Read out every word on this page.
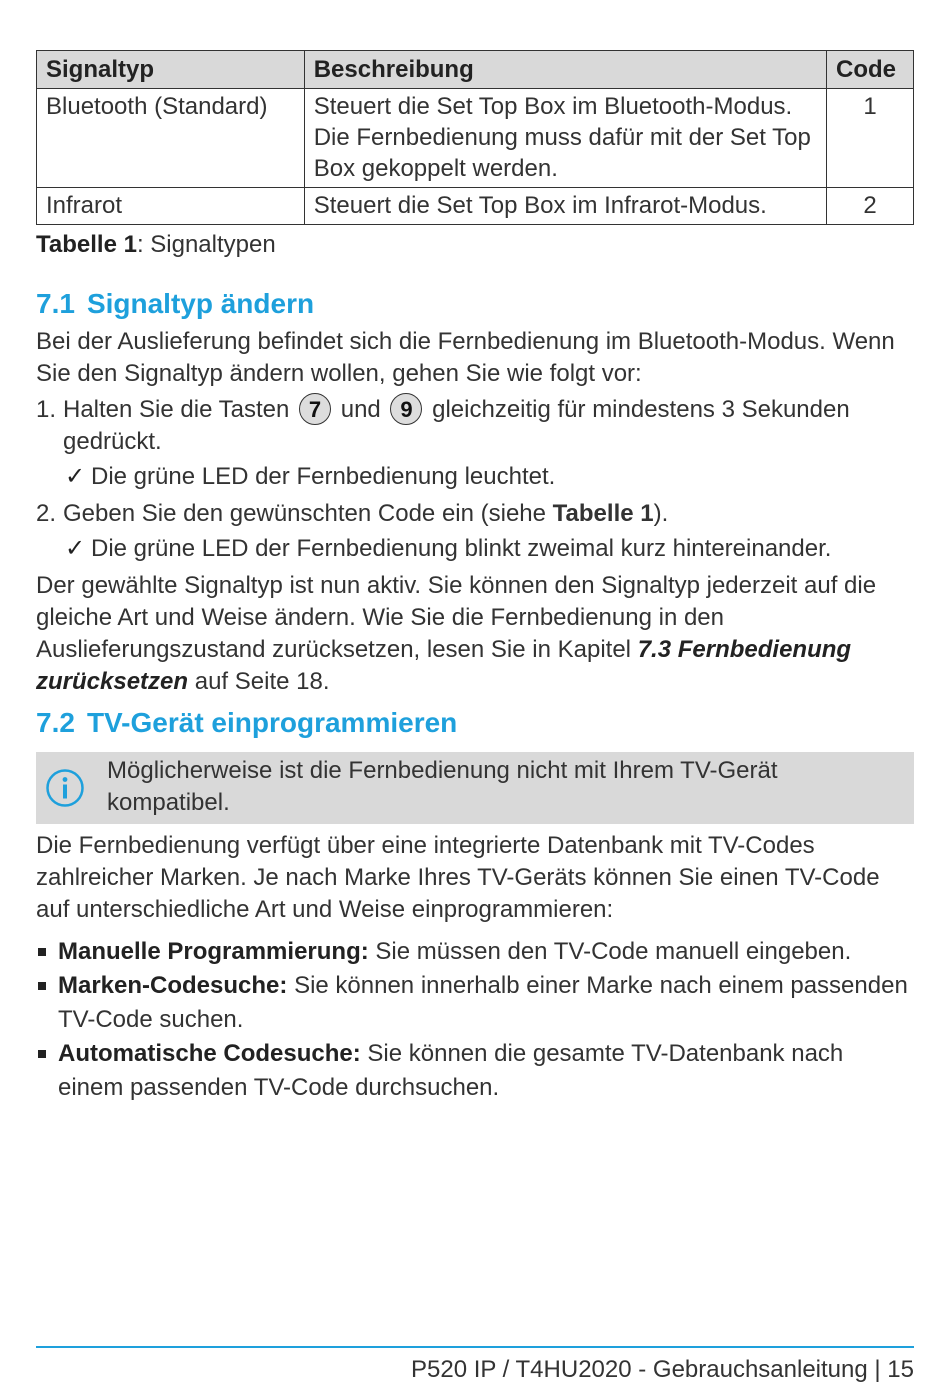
Signaltyp	Beschreibung	Code
Bluetooth (Standard)	Steuert die Set Top Box im Bluetooth-Modus. Die Fernbedienung muss dafür mit der Set Top Box gekoppelt werden.	1
Infrarot	Steuert die Set Top Box im Infrarot-Modus.	2
Tabelle 1: Signaltypen
7.1 Signaltyp ändern

Bei der Auslieferung befindet sich die Fernbedienung im Bluetooth-Modus. Wenn Sie den Signaltyp ändern wollen, gehen Sie wie folgt vor:

1. Halten Sie die Tasten 7 und 9 gleichzeitig für mindestens 3 Sekunden gedrückt.
✓ Die grüne LED der Fernbedienung leuchtet.
2. Geben Sie den gewünschten Code ein (siehe Tabelle 1).
✓ Die grüne LED der Fernbedienung blinkt zweimal kurz hintereinander.

Der gewählte Signaltyp ist nun aktiv. Sie können den Signaltyp jederzeit auf die gleiche Art und Weise ändern. Wie Sie die Fernbedienung in den Auslieferungszustand zurücksetzen, lesen Sie in Kapitel 7.3 Fernbedienung zurücksetzen auf Seite 18.

7.2 TV-Gerät einprogrammieren
Möglicherweise ist die Fernbedienung nicht mit Ihrem TV-Gerät kompatibel.

Die Fernbedienung verfügt über eine integrierte Datenbank mit TV-Codes zahlreicher Marken. Je nach Marke Ihres TV-Geräts können Sie einen TV-Code auf unterschiedliche Art und Weise einprogrammieren:

Manuelle Programmierung: Sie müssen den TV-Code manuell eingeben.
Marken-Codesuche: Sie können innerhalb einer Marke nach einem passenden TV-Code suchen.
Automatische Codesuche: Sie können die gesamte TV-Datenbank nach einem passenden TV-Code durchsuchen.
P520 IP / T4HU2020 - Gebrauchsanleitung | 15
